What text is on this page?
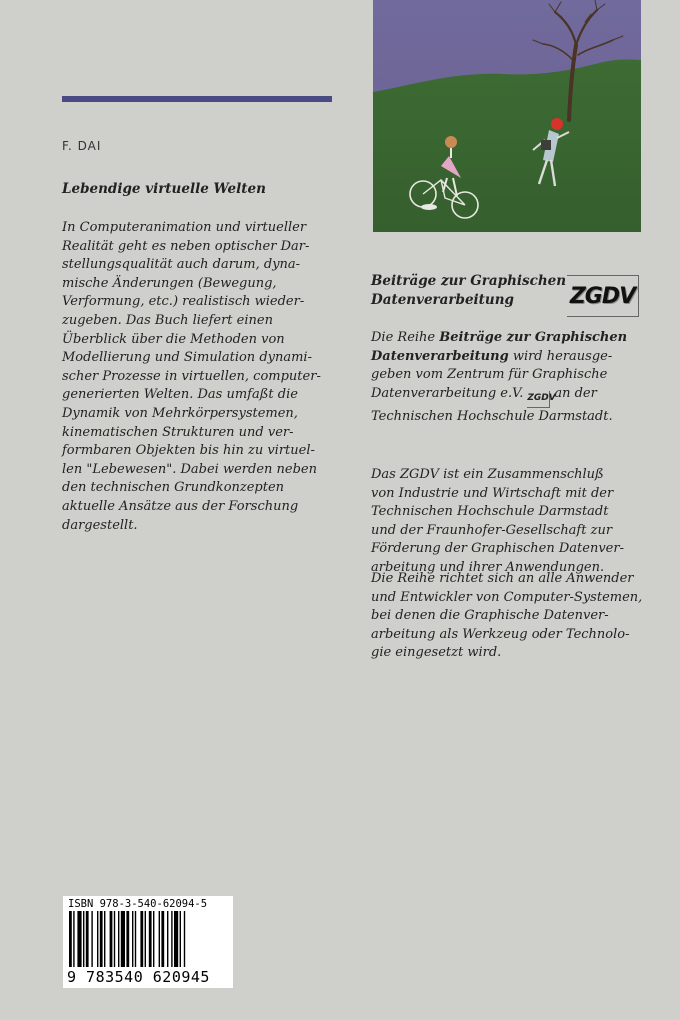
F. DAI
Lebendige virtuelle Welten
In Computeranimation und virtueller
Realität geht es neben optischer Dar-
stellungsqualität auch darum, dyna-
mische Änderungen (Bewegung,
Verformung, etc.) realistisch wieder-
zugeben. Das Buch liefert einen
Überblick über die Methoden von
Modellierung und Simulation dynami-
scher Prozesse in virtuellen, computer-
generierten Welten. Das umfaßt die
Dynamik von Mehrkörpersystemen,
kinematischen Strukturen und ver-
formbaren Objekten bis hin zu virtuel-
len "Lebewesen". Dabei werden neben
den technischen Grundkonzepten
aktuelle Ansätze aus der Forschung
dargestellt.
Beiträge zur Graphischen
Datenverarbeitung	ZGDV
Die Reihe Beiträge zur Graphischen
Datenverarbeitung wird herausge-
geben vom Zentrum für Graphische
Datenverarbeitung e.V. ZGDVan der
Technischen Hochschule Darmstadt.
Das ZGDV ist ein Zusammenschluß
von Industrie und Wirtschaft mit der
Technischen Hochschule Darmstadt
und der Fraunhofer-Gesellschaft zur
Förderung der Graphischen Datenver-
arbeitung und ihrer Anwendungen.
Die Reihe richtet sich an alle Anwender
und Entwickler von Computer-Systemen,
bei denen die Graphische Datenver-
arbeitung als Werkzeug oder Technolo-
gie eingesetzt wird.
ISBN 978-3-540-62094-5
9 783540 620945
